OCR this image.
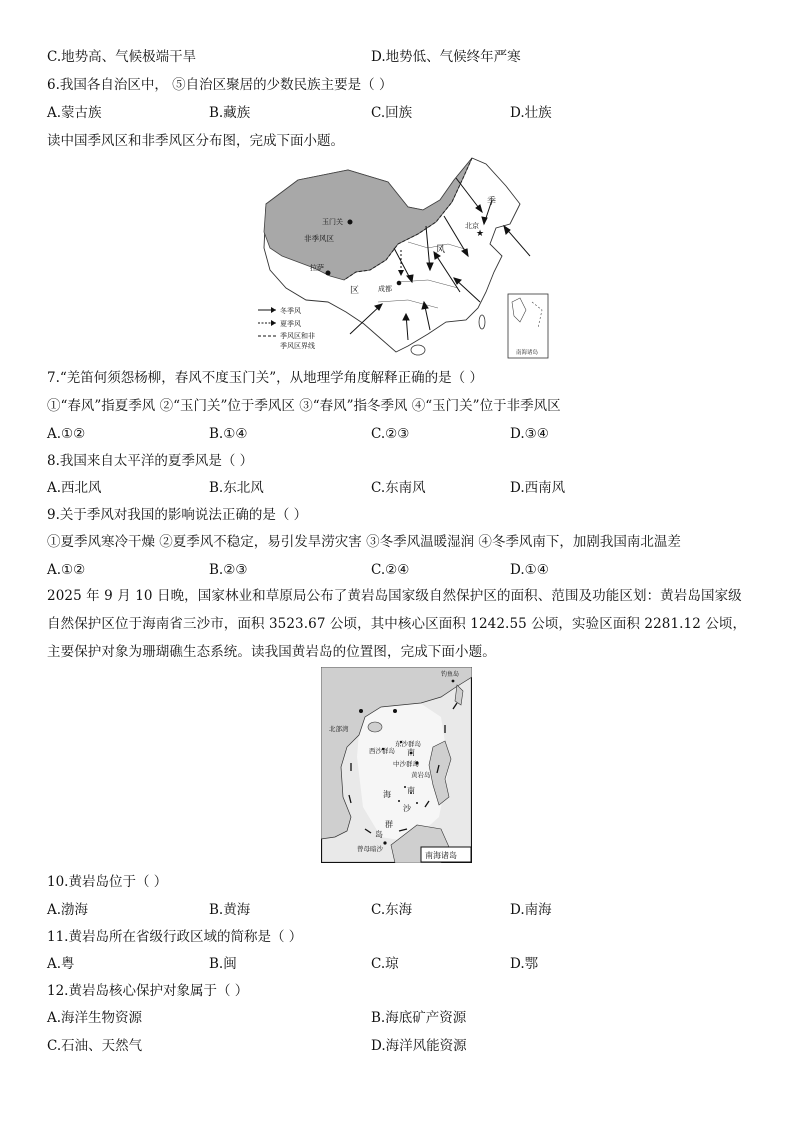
C.地势高、气候极端干旱	D.地势低、气候终年严寒
6.我国各自治区中， ⑤自治区聚居的少数民族主要是（ ）
A.蒙古族	B.藏族	C.回族	D.壮族
读中国季风区和非季风区分布图，完成下面小题。
★
玉门关
非季风区
拉萨
成都
北京
季
风
区
冬季风
夏季风
季风区和非
季风区界线
南海诸岛
7.“羌笛何须怨杨柳，春风不度玉门关”，从地理学角度解释正确的是（ ）
①“春风”指夏季风 ②“玉门关”位于季风区 ③“春风”指冬季风 ④“玉门关”位于非季风区
A.①②	B.①④	C.②③	D.③④
8.我国来自太平洋的夏季风是（ ）
A.西北风	B.东北风	C.东南风	D.西南风
9.关于季风对我国的影响说法正确的是（ ）
①夏季风寒冷干燥 ②夏季风不稳定，易引发旱涝灾害 ③冬季风温暖湿润 ④冬季风南下，加剧我国南北温差
A.①②	B.②③	C.②④	D.①④
2025 年 9 月 10 日晚，国家林业和草原局公布了黄岩岛国家级自然保护区的面积、范围及功能区划：黄岩岛国家级自然保护区位于海南省三沙市，面积 3523.67 公顷，其中核心区面积 1242.55 公顷，实验区面积 2281.12 公顷，主要保护对象为珊瑚礁生态系统。读我国黄岩岛的位置图，完成下面小题。
钓鱼岛
北部湾
东沙群岛
西沙群岛
中沙群岛
黄岩岛
南
南
海
沙
群
岛
曾母暗沙
南海诸岛
10.黄岩岛位于（ ）
A.渤海	B.黄海	C.东海	D.南海
11.黄岩岛所在省级行政区域的简称是（ ）
A.粤	B.闽	C.琼	D.鄂
12.黄岩岛核心保护对象属于（ ）
A.海洋生物资源	B.海底矿产资源
C.石油、天然气	D.海洋风能资源
